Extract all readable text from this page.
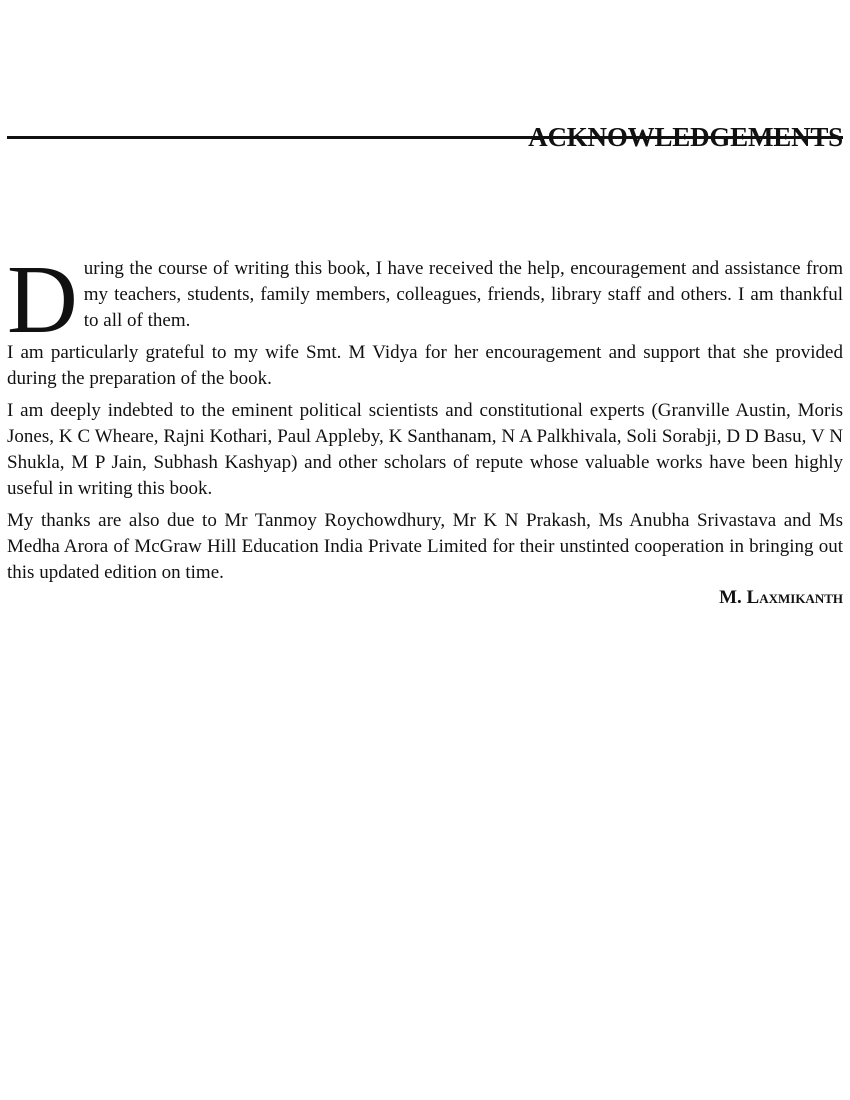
ACKNOWLEDGEMENTS

During the course of writing this book, I have received the help, encouragement and assistance from my teachers, students, family members, colleagues, friends, library staff and others. I am thankful to all of them.

I am particularly grateful to my wife Smt. M Vidya for her encouragement and support that she provided during the preparation of the book.

I am deeply indebted to the eminent political scientists and constitutional experts (Granville Austin, Moris Jones, K C Wheare, Rajni Kothari, Paul Appleby, K Santhanam, N A Palkhivala, Soli Sorabji, D D Basu, V N Shukla, M P Jain, Subhash Kashyap) and other scholars of repute whose valuable works have been highly useful in writing this book.

My thanks are also due to Mr Tanmoy Roychowdhury, Mr K N Prakash, Ms Anubha Srivastava and Ms Medha Arora of McGraw Hill Education India Private Limited for their unstinted cooperation in bringing out this updated edition on time.

M. Laxmikanth
